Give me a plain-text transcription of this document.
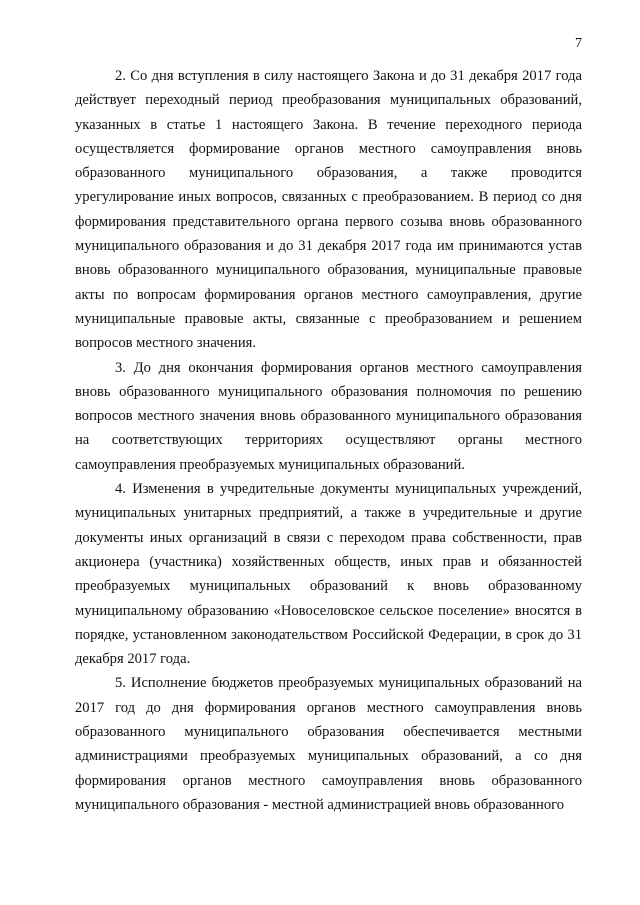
7

2. Со дня вступления в силу настоящего Закона и до 31 декабря 2017 года действует переходный период преобразования муниципальных образований, указанных в статье 1 настоящего Закона. В течение переходного периода осуществляется формирование органов местного самоуправления вновь образованного муниципального образования, а также проводится урегулирование иных вопросов, связанных с преобразованием. В период со дня формирования представительного органа первого созыва вновь образованного муниципального образования и до 31 декабря 2017 года им принимаются устав вновь образованного муниципального образования, муниципальные правовые акты по вопросам формирования органов местного самоуправления, другие муниципальные правовые акты, связанные с преобразованием и решением вопросов местного значения.

3. До дня окончания формирования органов местного самоуправления вновь образованного муниципального образования полномочия по решению вопросов местного значения вновь образованного муниципального образования на соответствующих территориях осуществляют органы местного самоуправления преобразуемых муниципальных образований.

4. Изменения в учредительные документы муниципальных учреждений, муниципальных унитарных предприятий, а также в учредительные и другие документы иных организаций в связи с переходом права собственности, прав акционера (участника) хозяйственных обществ, иных прав и обязанностей преобразуемых муниципальных образований к вновь образованному муниципальному образованию «Новоселовское сельское поселение» вносятся в порядке, установленном законодательством Российской Федерации, в срок до 31 декабря 2017 года.

5. Исполнение бюджетов преобразуемых муниципальных образований на 2017 год до дня формирования органов местного самоуправления вновь образованного муниципального образования обеспечивается местными администрациями преобразуемых муниципальных образований, а со дня формирования органов местного самоуправления вновь образованного муниципального образования - местной администрацией вновь образованного
